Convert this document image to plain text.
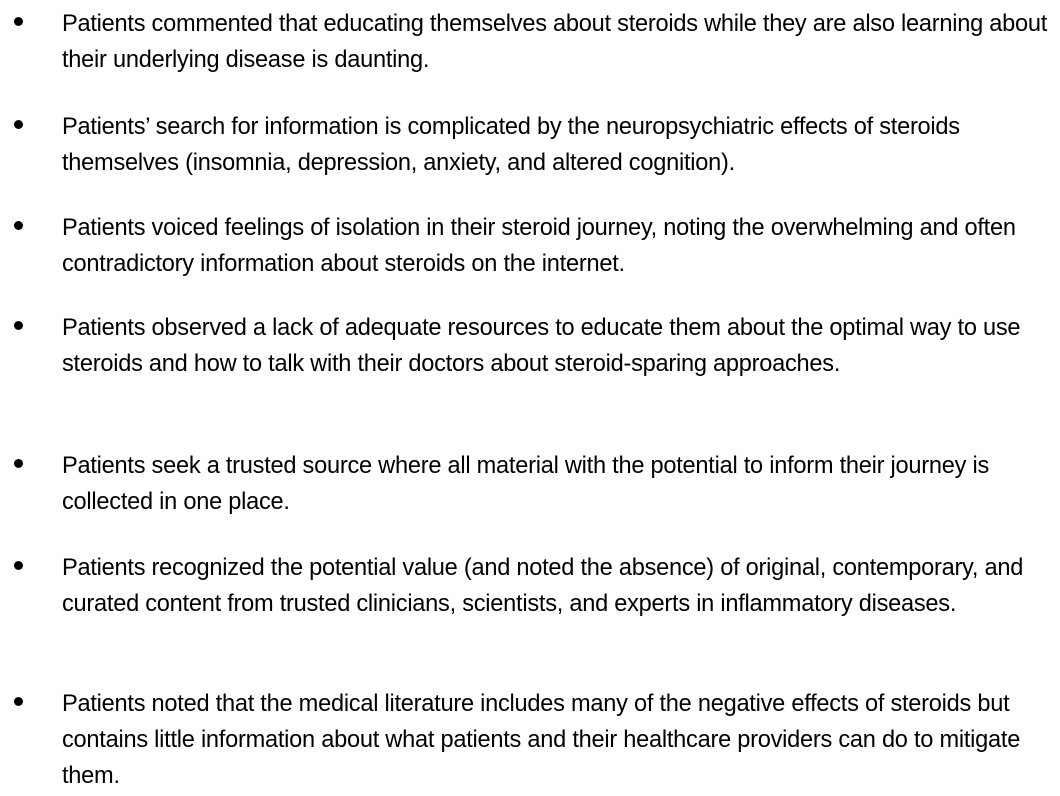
Patients commented that educating themselves about steroids while they are also learning about their underlying disease is daunting.
Patients’ search for information is complicated by the neuropsychiatric effects of steroids themselves (insomnia, depression, anxiety, and altered cognition).
Patients voiced feelings of isolation in their steroid journey, noting the overwhelming and often contradictory information about steroids on the internet.
Patients observed a lack of adequate resources to educate them about the optimal way to use steroids and how to talk with their doctors about steroid-sparing approaches.
Patients seek a trusted source where all material with the potential to inform their journey is collected in one place.
Patients recognized the potential value (and noted the absence) of original, contemporary, and curated content from trusted clinicians, scientists, and experts in inflammatory diseases.
Patients noted that the medical literature includes many of the negative effects of steroids but contains little information about what patients and their healthcare providers can do to mitigate them.
